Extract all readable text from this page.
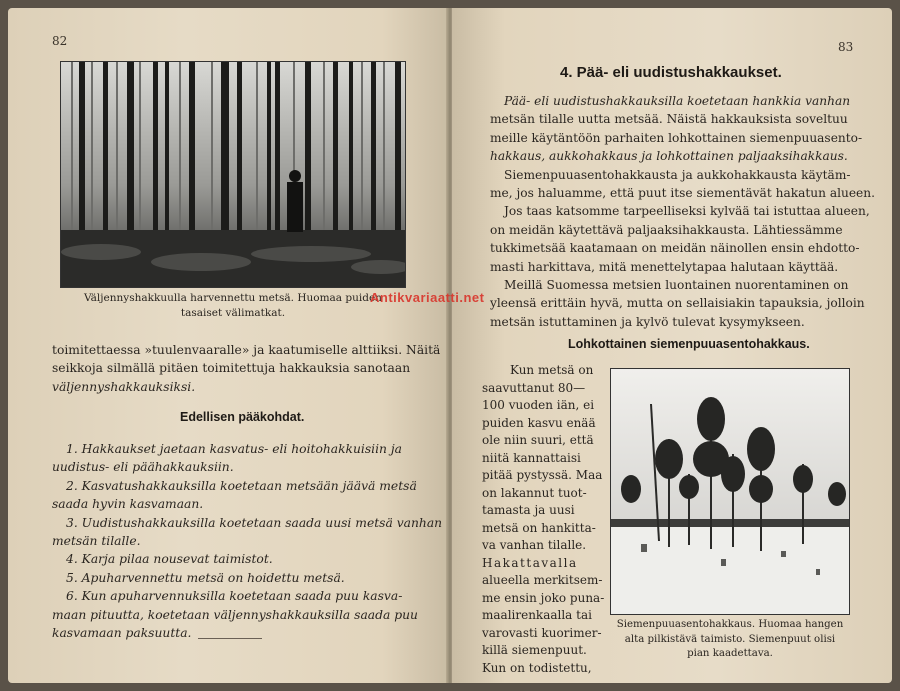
82
Väljennyshakkuulla harvennettu metsä. Huomaa puiden
tasaiset välimatkat.
toimitettaessa »tuulenvaaralle» ja kaatumiselle alttiiksi. Näitä
seikkoja silmällä pitäen toimitettuja hakkauksia sanotaan
väljennyshakkauksiksi.
Edellisen pääkohdat.
1. Hakkaukset jaetaan kasvatus- eli hoitohakkuisiin ja
uudistus- eli päähakkauksiin.
2. Kasvatushakkauksilla koetetaan metsään jäävä metsä
saada hyvin kasvamaan.
3. Uudistushakkauksilla koetetaan saada uusi metsä vanhan
metsän tilalle.
4. Karja pilaa nousevat taimistot.
5. Apuharvennettu metsä on hoidettu metsä.
6. Kun apuharvennuksilla koetetaan saada puu kasva-
maan pituutta, koetetaan väljennyshakkauksilla saada puu
kasvamaan paksuutta.
83
4. Pää- eli uudistushakkaukset.
Pää- eli uudistushakkauksilla koetetaan hankkia vanhan
metsän tilalle uutta metsää. Näistä hakkauksista soveltuu
meille käytäntöön parhaiten lohkottainen siemenpuuasento-
hakkaus, aukkohakkaus ja lohkottainen paljaaksihakkaus.
Siemenpuuasentohakkausta ja aukkohakkausta käytäm-
me, jos haluamme, että puut itse siementävät hakatun alueen.
Jos taas katsomme tarpeelliseksi kylvää tai istuttaa alueen,
on meidän käytettävä paljaaksihakkausta. Lähtiessämme
tukkimetsää kaatamaan on meidän näinollen ensin ehdotto-
masti harkittava, mitä menettelytapaa halutaan käyttää.
Meillä Suomessa metsien luontainen nuorentaminen on
yleensä erittäin hyvä, mutta on sellaisiakin tapauksia, jolloin
metsän istuttaminen ja kylvö tulevat kysymykseen.
Lohkottainen siemenpuuasentohakkaus.
Kun metsä on
saavuttanut 80—
100 vuoden iän, ei
puiden kasvu enää
ole niin suuri, että
niitä kannattaisi
pitää pystyssä. Maa
on lakannut tuot-
tamasta ja uusi
metsä on hankitta-
va vanhan tilalle.
Hakattavalla
alueella merkitsem-
me ensin joko puna-
maalirenkaalla tai
varovasti kuorimer-
killä siemenpuut.
Kun on todistettu,
Siemenpuuasentohakkaus. Huomaa hangen
alta pilkistävä taimisto. Siemenpuut olisi
pian kaadettava.
Antikvariaatti.net
